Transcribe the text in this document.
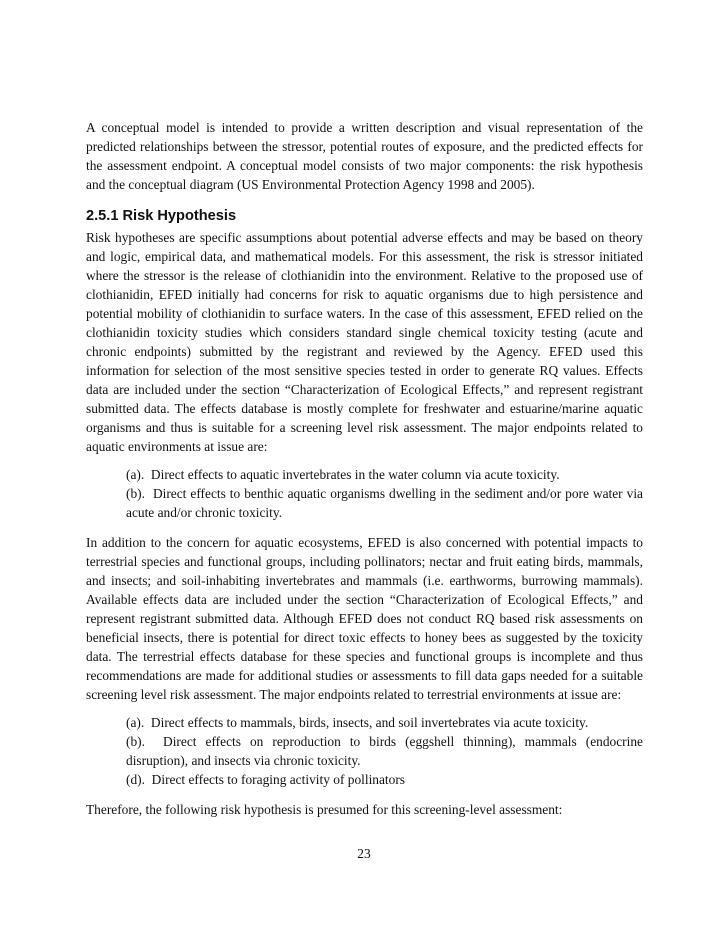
A conceptual model is intended to provide a written description and visual representation of the predicted relationships between the stressor, potential routes of exposure, and the predicted effects for the assessment endpoint. A conceptual model consists of two major components: the risk hypothesis and the conceptual diagram (US Environmental Protection Agency 1998 and 2005).

2.5.1 Risk Hypothesis

Risk hypotheses are specific assumptions about potential adverse effects and may be based on theory and logic, empirical data, and mathematical models. For this assessment, the risk is stressor initiated where the stressor is the release of clothianidin into the environment. Relative to the proposed use of clothianidin, EFED initially had concerns for risk to aquatic organisms due to high persistence and potential mobility of clothianidin to surface waters. In the case of this assessment, EFED relied on the clothianidin toxicity studies which considers standard single chemical toxicity testing (acute and chronic endpoints) submitted by the registrant and reviewed by the Agency. EFED used this information for selection of the most sensitive species tested in order to generate RQ values. Effects data are included under the section “Characterization of Ecological Effects,” and represent registrant submitted data. The effects database is mostly complete for freshwater and estuarine/marine aquatic organisms and thus is suitable for a screening level risk assessment. The major endpoints related to aquatic environments at issue are:

(a). Direct effects to aquatic invertebrates in the water column via acute toxicity.
(b). Direct effects to benthic aquatic organisms dwelling in the sediment and/or pore water via acute and/or chronic toxicity.

In addition to the concern for aquatic ecosystems, EFED is also concerned with potential impacts to terrestrial species and functional groups, including pollinators; nectar and fruit eating birds, mammals, and insects; and soil-inhabiting invertebrates and mammals (i.e. earthworms, burrowing mammals). Available effects data are included under the section “Characterization of Ecological Effects,” and represent registrant submitted data. Although EFED does not conduct RQ based risk assessments on beneficial insects, there is potential for direct toxic effects to honey bees as suggested by the toxicity data. The terrestrial effects database for these species and functional groups is incomplete and thus recommendations are made for additional studies or assessments to fill data gaps needed for a suitable screening level risk assessment. The major endpoints related to terrestrial environments at issue are:

(a). Direct effects to mammals, birds, insects, and soil invertebrates via acute toxicity.
(b). Direct effects on reproduction to birds (eggshell thinning), mammals (endocrine disruption), and insects via chronic toxicity.
(d). Direct effects to foraging activity of pollinators

Therefore, the following risk hypothesis is presumed for this screening-level assessment:

23
